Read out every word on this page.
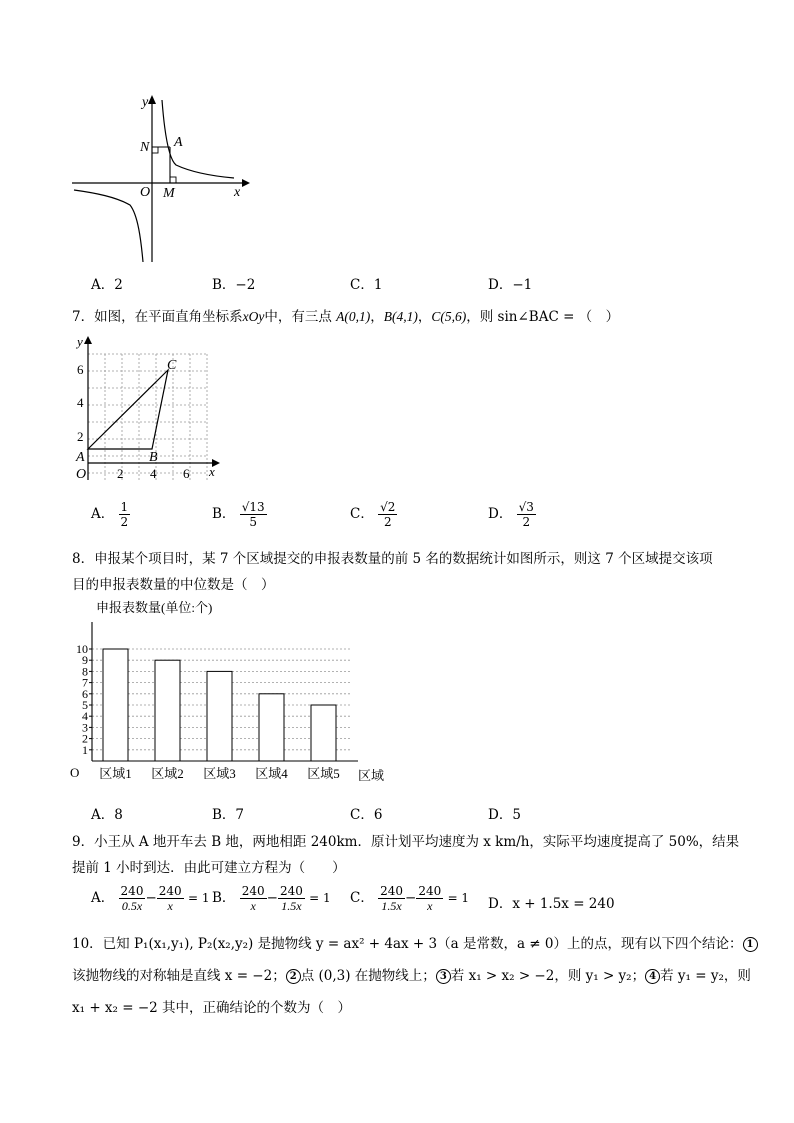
y
x
O
N A
M
A．2	B．−2	C．1	D．−1
7．如图，在平面直角坐标系xOy中，有三点 A(0,1)，B(4,1)，C(5,6)，则 sin∠BAC = （　）
y
x
O
A	B
C
2
4
6
2 4 6
A． $\frac{1}{2}$	B． $\frac{√13}{5}$	C． $\frac{√2}{2}$	D． $\frac{√3}{2}$
8．申报某个项目时，某 7 个区域提交的申报表数量的前 5 名的数据统计如图所示，则这 7 个区域提交该项
目的申报表数量的中位数是（　）
申报表数量(单位:个)
1
2
3
4
5
6
7
8
9
10
区域1 区域2 区域3 区域4 区域5
O	区域
A．8	B．7	C．6	D．5
9．小王从 A 地开车去 B 地，两地相距 240km．原计划平均速度为 x km/h，实际平均速度提高了 50%，结果
提前 1 小时到达．由此可建立方程为（　　）
A． $\frac{240}{0.5x} - \frac{240}{x} = 1$ B． $\frac{240}{x} - \frac{240}{1.5x} = 1$ C． $\frac{240}{1.5x} - \frac{240}{x} = 1$ D．x + 1.5x = 240
10．已知 P₁(x₁,y₁), P₂(x₂,y₂) 是抛物线 y = ax² + 4ax + 3（a 是常数，a ≠ 0）上的点，现有以下四个结论： 1
该抛物线的对称轴是直线 x = −2； 2 点 (0,3) 在抛物线上； 3 若 x₁ > x₂ > −2，则 y₁ > y₂； 4 若 y₁ = y₂，则
x₁ + x₂ = −2 其中，正确结论的个数为（　）
